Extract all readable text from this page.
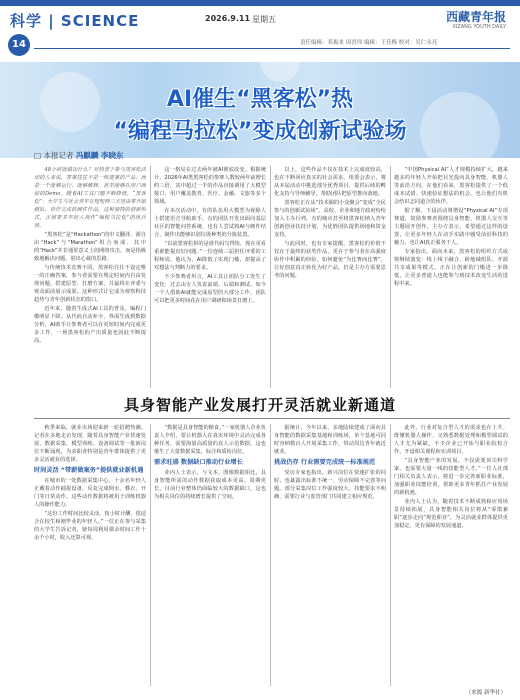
科学 | SCIENCE
14
2026.9.11 星期五	西藏青年报
XIZANG YOUTH DAILY
责任编辑：邓振来 周晋伟 编辑：王佳梅 校对：吴仁永亮
AI催生“黑客松”热
“编程马拉松”变成创新试验场
□ 本报记者 冯麒麟 李晓东

48小时能做出什么？对热衷于参与黑客松活动的人来说，答案往往不是一纸提案的产品，而是一个能够运行、能够解释，甚至能够在用户面前的Demo。随着AI工具门槛不断降低，“黑客松”：大学生与社会青年在短短两三天里由零开始组队、协作完成软硬件作品，这种独特的创新形式，正被更多年轻人视作“编程马拉松”的练兵场。

“黑客松”是“Hackathon”的中文翻译，源自由“Hack”与“Marathon”组合而成，其中的“Hack”并非通常意义上的网络攻击，而是指极致地解决问题、别出心裁的思路。

与传统技术竞赛不同，黑客松往往不设定唯一的正确答案，参与者需要在规定时间内自由发现问题、搭建原型、打磨方案，并最终在评委与观众面前展示成果。这种形式让它成为观察科技趋势与青年创新状态的窗口。

近年来，随着生成式AI工具的普及，编程门槛明显下降。从代码自动补全、界面生成到数据分析，AI助手让参赛者可以在更短时间内完成更多工作，一场黑客松的产出质量也因此不断提高。

这一格局在过去两年被AI彻底改变。根据统计，2026年AI类黑客松的参赛人数较两年前增长约三倍，其中超过一半的作品直接调用了大模型接口，用户覆盖教育、医疗、金融、文旅等多个领域。

在本次活动中，有的队伍用大模型为视障人士搭建语音导航助手，有的团队开发出面向基层社区的智能问答系统，也有人尝试将AI与硬件结合，制作出能够识别垃圾种类的分拣装置。

“以前黑客松拼的是谁代码写得快，现在更看重谁能提出好问题。”一位连续三届担任评委的工程师说。他认为，AI降低了实现门槛，却提高了对想法与判断力的要求。

不少参赛者坦言，AI工具让团队分工发生了变化：过去由专人负责前端、后端和测试，如今一个人借助AI就能完成原型的大部分工作，团队可以把更多时间花在用户调研和场景打磨上。

以上，这些作品不仅在技术上完成度较高，也在不断回应真实的社会需求。组委会表示，将从本届活动中挑选部分优秀项目，提供后续的孵化支持与导师辅导，帮助团队把原型推向落地。

黑客松正在从“技术圈的小众聚会”变成“全民参与的创新试验场”。高校、企业和地方政府纷纷加入主办行列，有的城市甚至将黑客松纳入青年创新创业扶持计划，为优胜团队提供场地和资金支持。

与此同时，也有专家提醒，黑客松的价值不仅在于最终的获奖作品，更在于参与者在高强度协作中积累的经验。如何避免“为比赛而比赛”，让好创意真正转化为好产品，仍是主办方需要思考的问题。

“中国Physical AI”人才规模持续扩大，越来越多的年轻人开始把目光投向具身智能、机器人等前沿方向。在他们看来，黑客松提供了一个低成本试错、快速验证想法的机会，也让他们有机会结识志同道合的伙伴。

据了解，下届活动将增设“Physical AI”专项赛道，鼓励参赛者围绕具身智能、机器人交互等主题展开创作。主办方表示，希望通过这样的设置，让更多年轻人在动手实践中感受前沿科技的魅力，也让AI真正服务于人。

专家指出，面向未来，黑客松的组织方式或将继续演变：线上线下融合、跨地域组队、开源共享成果等模式，正在让创新的门槛进一步降低，让更多普通人也能参与到技术改变生活的进程中来。

具身智能产业发展打开灵活就业新通道

秋季来临，就业市场迎来新一轮招聘热潮。记者在多地走访发现，随着具身智能产业快速发展，数据采集、模型训练、设备调试等一批新岗位不断涌现，为求职者特别是青年群体提供了更多灵活就业的选择。

时间灵活 “带薪做案务”提供就业新机遇

在城市的一处数据采集中心，十余名年轻人正戴着动作捕捉设备，反复完成倒水、叠衣、开门等日常动作。这些动作数据将被用于训练机器人的操作能力。

“这份工作时间比较灵活，按小时计酬，很适合在校生和刚毕业的年轻人。”一位正在参与采集的大学生告诉记者，她每周利用课余时间工作十余个小时，收入还算可观。

“数据是具身智能的粮食。”一家机器人企业负责人介绍，要让机器人在真实环境中灵活完成各种任务，需要海量高质量的真人示范数据，这也催生了大量数据采集、标注和质检岗位。

需求旺盛 数据缺口推动行业增长

业内人士表示，与文本、图像数据相比，具身智能所需的动作数据获取成本更高、周期更长，目前行业整体仍面临较大的数据缺口，这也为相关岗位的持续增长提供了空间。

据统计，今年以来，多地陆续建成了面向具身智能的数据采集基地和训练场，单个基地可同时容纳数百人开展采集工作，带动周边青年就近就业。

挑战仍存 行业需要完成统一标准规范

受访专家也指出，新兴岗位在快速扩张的同时，也暴露出标准不统一、劳动保障不完善等问题。部分采集岗位工作强度较大、技能要求不明确，需要行业与监管部门共同建立相应规范。

此外，行业对复合型人才的需求也在上升。既懂机器人操作、又熟悉数据处理和模型调试的人才尤为紧缺，不少企业已开始与职业院校合作，开设相关课程和实训项目。

“具身智能产业的发展，不仅需要顶尖科学家，也需要大量一线的技能型人才。”一位人社部门相关负责人表示，将进一步完善新职业标准，加强职业技能培训，帮助更多青年抓住产业发展的新机遇。

业内人士认为，随着技术不断成熟和应用场景持续拓展，具身智能相关岗位将从“零散兼职”逐步走向“规范职业”，为灵活就业群体提供更加稳定、更有保障的发展通道。

（来源 新华社）
